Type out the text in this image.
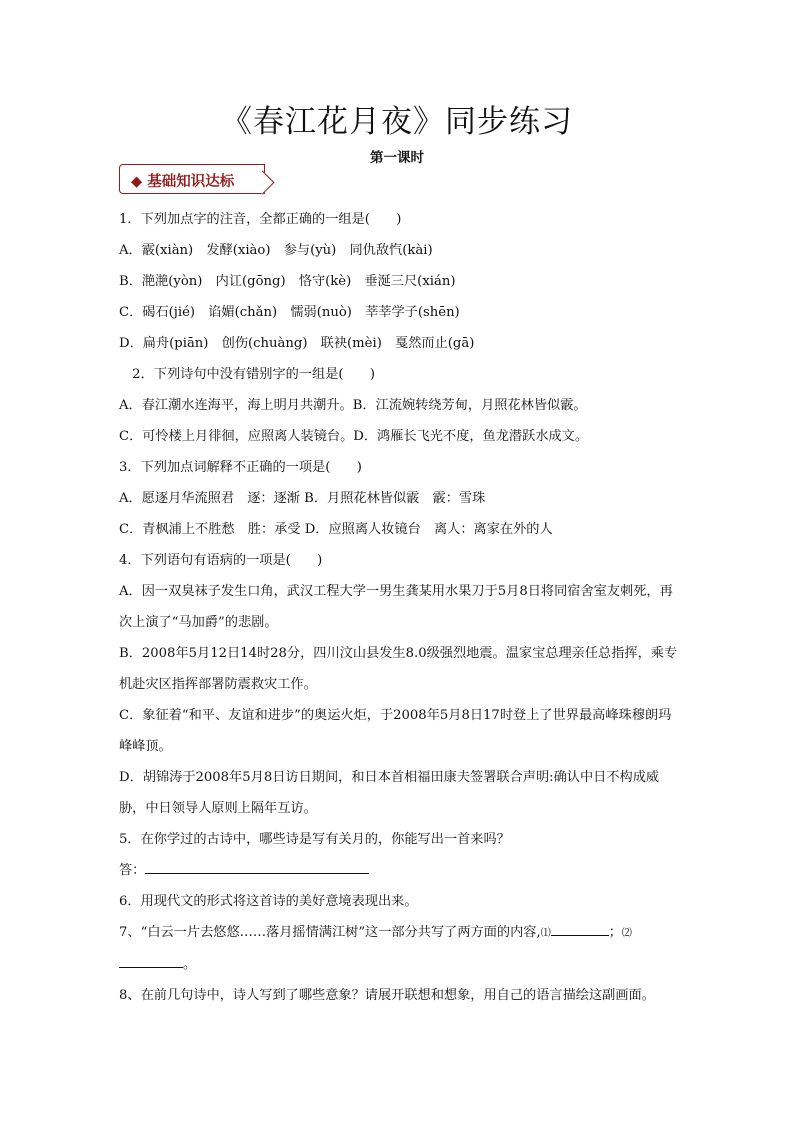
《春江花月夜》同步练习
第一课时
◆ 基础知识达标

1．下列加点字的注音，全都正确的一组是(　　)

A．霰(xiàn)　发酵(xiào)　参与(yù)　同仇敌忾(kài)

B．滟滟(yòn)　内讧(gōng)　恪守(kè)　垂涎三尺(xián)

C．碣石(jié)　谄媚(chǎn)　懦弱(nuò)　莘莘学子(shēn)

D．扁舟(piān)　创伤(chuàng)　联袂(mèi)　戛然而止(gā)

　2．下列诗句中没有错别字的一组是(　　)

A．春江潮水连海平，海上明月共潮升。B．江流婉转绕芳甸，月照花林皆似霰。

C．可怜楼上月徘徊，应照离人装镜台。D．鸿雁长飞光不度，鱼龙潜跃水成文。

3．下列加点词解释不正确的一项是(　　)

A．愿逐月华流照君　逐：逐渐 B．月照花林皆似霰　霰：雪珠

C．青枫浦上不胜愁　胜：承受 D．应照离人妆镜台　离人：离家在外的人

4．下列语句有语病的一项是(　　)

A．因一双臭袜子发生口角，武汉工程大学一男生龚某用水果刀于5月8日将同宿舍室友刺死，再次上演了“马加爵”的悲剧。

B．2008年5月12日14时28分，四川汶山县发生8.0级强烈地震。温家宝总理亲任总指挥，乘专机赴灾区指挥部署防震救灾工作。

C．象征着“和平、友谊和进步”的奥运火炬，于2008年5月8日17时登上了世界最高峰珠穆朗玛峰峰顶。

D．胡锦涛于2008年5月8日访日期间，和日本首相福田康夫签署联合声明:确认中日不构成威胁，中日领导人原则上隔年互访。

5．在你学过的古诗中，哪些诗是写有关月的，你能写出一首来吗？

答：

6．用现代文的形式将这首诗的美好意境表现出来。

7、“白云一片去悠悠……落月摇情满江树”这一部分共写了两方面的内容,⑴	；⑵
。

8、在前几句诗中，诗人写到了哪些意象？请展开联想和想象，用自己的语言描绘这副画面。
